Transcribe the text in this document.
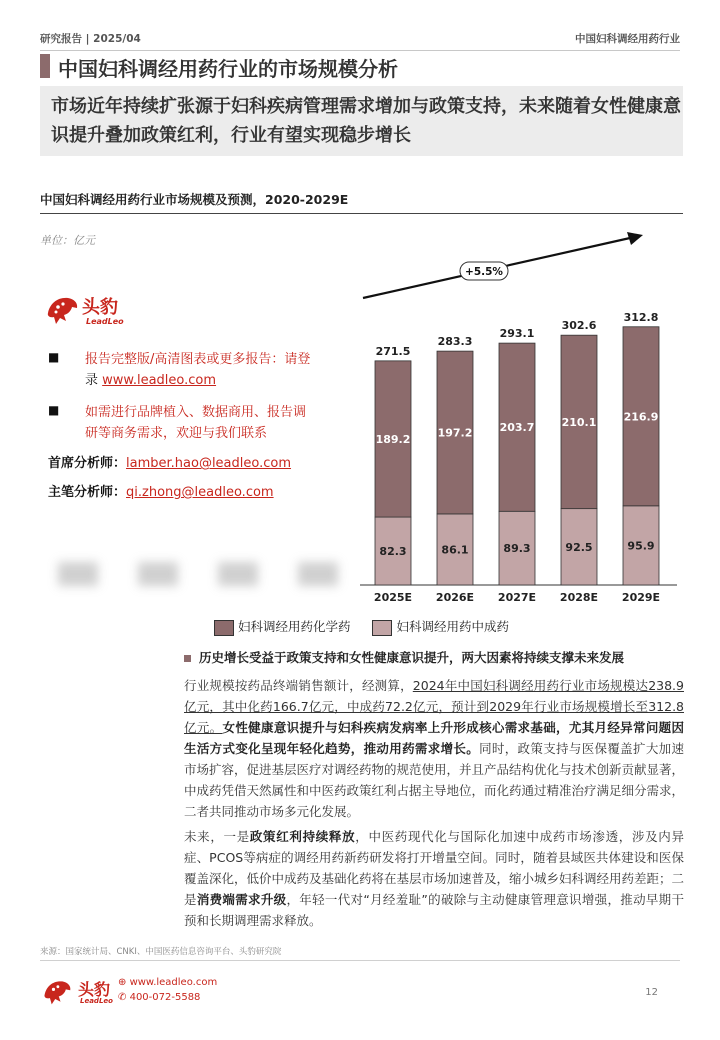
研究报告 | 2025/04	中国妇科调经用药行业
中国妇科调经用药行业的市场规模分析
市场近年持续扩张源于妇科疾病管理需求增加与政策支持，未来随着女性健康意识提升叠加政策红利，行业有望实现稳步增长
中国妇科调经用药行业市场规模及预测，2020-2029E
单位：亿元
头豹
LeadLeo
■ 报告完整版/高清图表或更多报告：请登
录 www.leadleo.com
■ 如需进行品牌植入、数据商用、报告调
研等商务需求，欢迎与我们联系
首席分析师：lamber.hao@leadleo.com
主笔分析师：qi.zhong@leadleo.com
82.3
189.2
271.5
2025E
86.1
197.2
283.3
2026E
89.3
203.7
293.1
2027E
92.5
210.1
302.6
2028E
95.9
216.9
312.8
2029E
+5.5%
妇科调经用药化学药	妇科调经用药中成药
历史增长受益于政策支持和女性健康意识提升，两大因素将持续支撑未来发展
行业规模按药品终端销售额计，经测算，2024年中国妇科调经用药行业市场规模达238.9亿元，其中化药166.7亿元，中成药72.2亿元，预计到2029年行业市场规模增长至312.8亿元。女性健康意识提升与妇科疾病发病率上升形成核心需求基础，尤其月经异常问题因生活方式变化呈现年轻化趋势，推动用药需求增长。同时，政策支持与医保覆盖扩大加速市场扩容，促进基层医疗对调经药物的规范使用，并且产品结构优化与技术创新贡献显著，中成药凭借天然属性和中医药政策红利占据主导地位，而化药通过精准治疗满足细分需求，二者共同推动市场多元化发展。
未来，一是政策红利持续释放，中医药现代化与国际化加速中成药市场渗透，涉及内异症、PCOS等病症的调经用药新药研发将打开增量空间。同时，随着县域医共体建设和医保覆盖深化，低价中成药及基础化药将在基层市场加速普及，缩小城乡妇科调经用药差距；二是消费端需求升级，年轻一代对“月经羞耻”的破除与主动健康管理意识增强，推动早期干预和长期调理需求释放。
来源：国家统计局、CNKI、中国医药信息咨询平台、头豹研究院
头豹
LeadLeo
⊕ www.leadleo.com
✆ 400-072-5588	12
